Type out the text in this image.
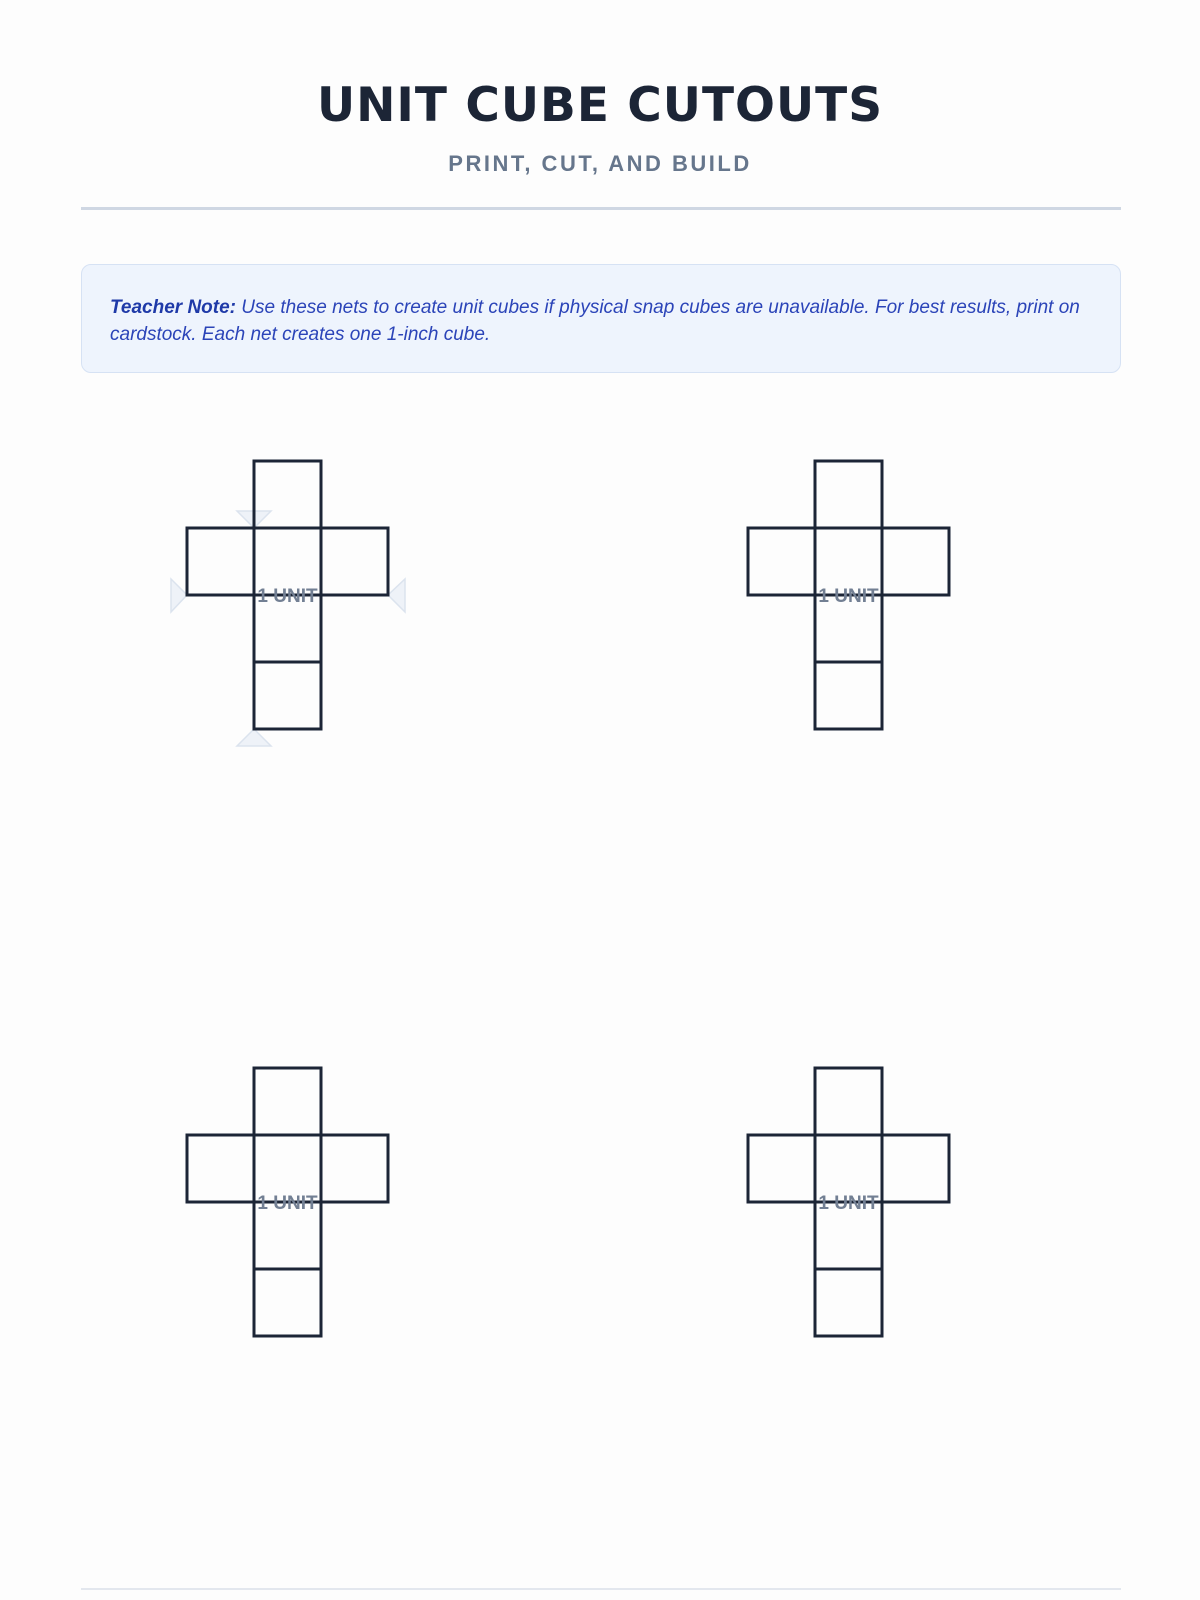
UNIT CUBE CUTOUTS
PRINT, CUT, AND BUILD
Teacher Note: Use these nets to create unit cubes if physical snap cubes are unavailable. For best results, print on cardstock. Each net creates one 1-inch cube.
1 UNIT	1 UNIT
1 UNIT	1 UNIT
